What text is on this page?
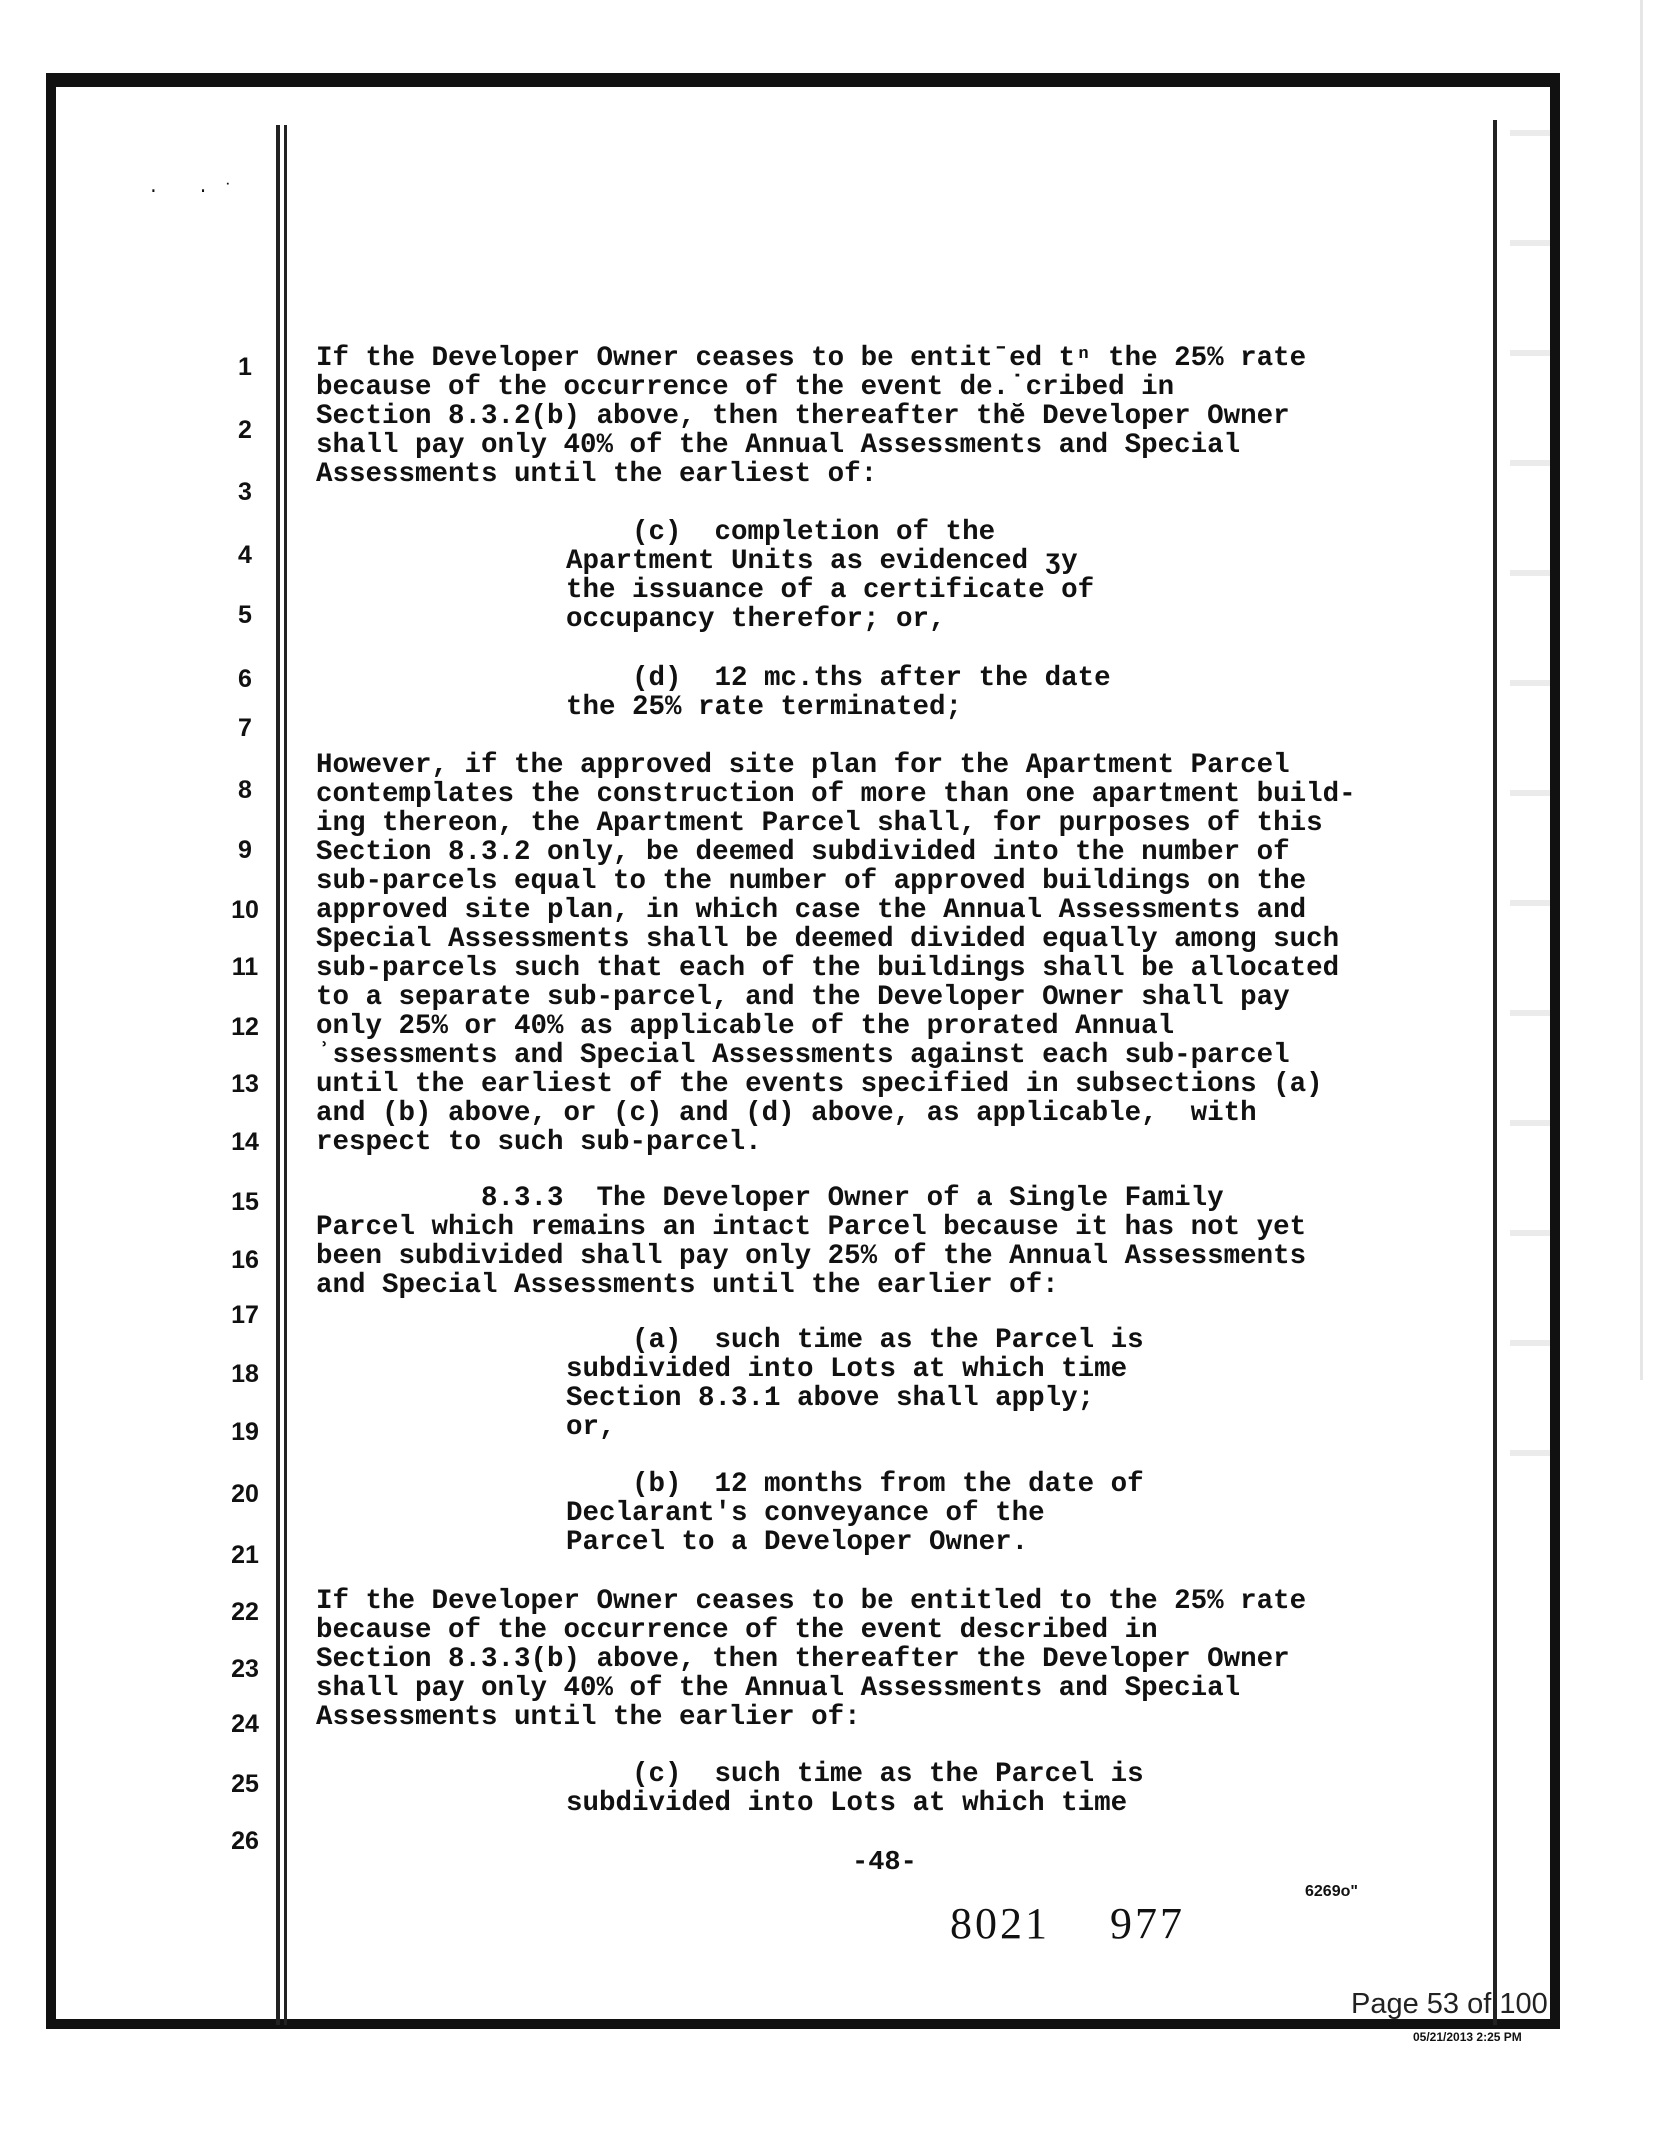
· ·˙
1
2
3
4
5
6
7
8
9
10
11
12
13
14
15
16
17
18
19
20
21
22
23
24
25
26
If the Developer Owner ceases to be entitˉed tⁿ the 25% rate
because of the occurrence of the event de.˙cribed in
Section 8.3.2(b) above, then thereafter thĕ Developer Owner
shall pay only 40% of the Annual Assessments and Special
Assessments until the earliest of:
(c)  completion of the
Apartment Units as evidenced ʒy
the issuance of a certificate of
occupancy therefor; or,
(d)  12 mc.ths after the date
the 25% rate terminated;
However, if the approved site plan for the Apartment Parcel
contemplates the construction of more than one apartment build-
ing thereon, the Apartment Parcel shall, for purposes of this
Section 8.3.2 only, be deemed subdivided into the number of
sub-parcels equal to the number of approved buildings on the
approved site plan, in which case the Annual Assessments and
Special Assessments shall be deemed divided equally among such
sub-parcels such that each of the buildings shall be allocated
to a separate sub-parcel, and the Developer Owner shall pay
only 25% or 40% as applicable of the prorated Annual
ʾssessments and Special Assessments against each sub-parcel
until the earliest of the events specified in subsections (a)
and (b) above, or (c) and (d) above, as applicable,  with
respect to such sub-parcel.
8.3.3  The Developer Owner of a Single Family
Parcel which remains an intact Parcel because it has not yet
been subdivided shall pay only 25% of the Annual Assessments
and Special Assessments until the earlier of:
(a)  such time as the Parcel is
subdivided into Lots at which time
Section 8.3.1 above shall apply;
or,
(b)  12 months from the date of
Declarant's conveyance of the
Parcel to a Developer Owner.
If the Developer Owner ceases to be entitled to the 25% rate
because of the occurrence of the event described in
Section 8.3.3(b) above, then thereafter the Developer Owner
shall pay only 40% of the Annual Assessments and Special
Assessments until the earlier of:
(c)  such time as the Parcel is
subdivided into Lots at which time
-48-
8021 977
6269o"
Page 53 of 100
05/21/2013 2:25 PM
